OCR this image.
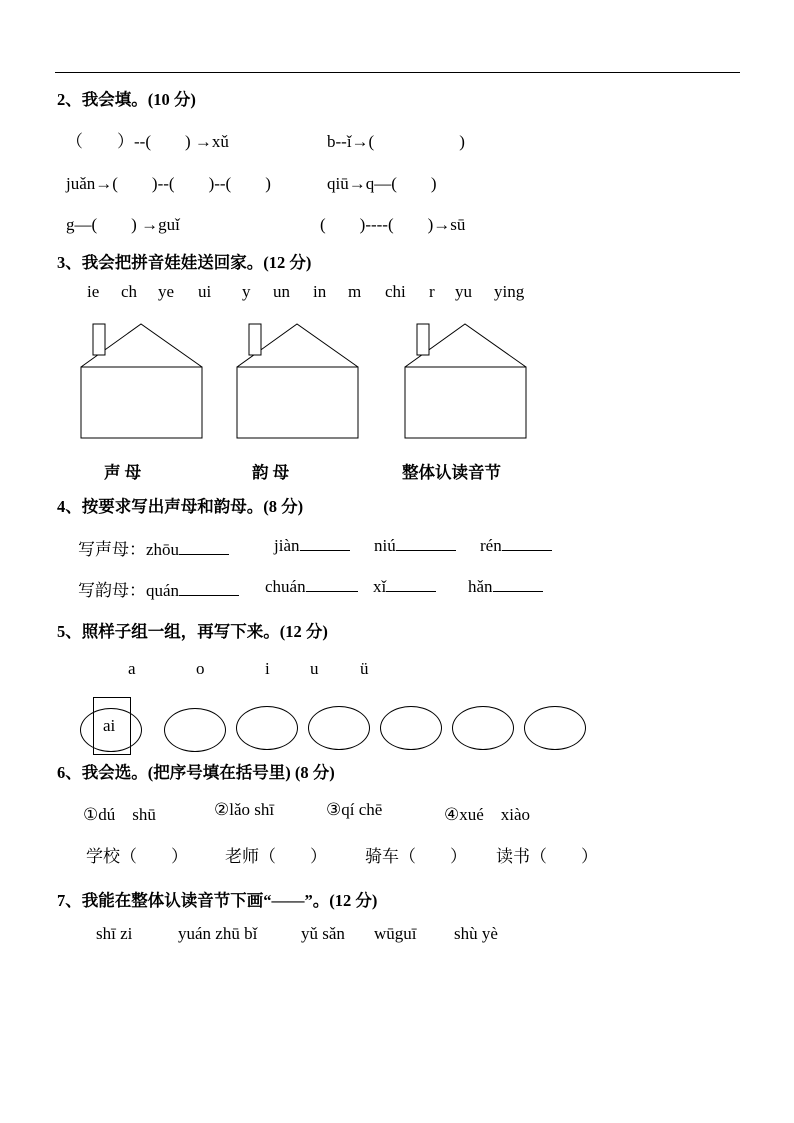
2、我会填。(10 分)
（　　）--(　　) →xǔ	b--ǐ→(　　　　　)
juǎn→(　　)--(　　)--(　　)	qiū→q—(　　)
g—(　　) →guǐ	(　　)----(　　)→sū
3、我会把拼音娃娃送回家。(12 分)
ie ch ye ui y un in m chi r yu ying
声 母	韵 母	整体认读音节
4、按要求写出声母和韵母。(8 分)
写声母：zhōu	jiàn	niú	rén
写韵母：quán	chuán	xǐ	hǎn
5、照样子组一组，再写下来。(12 分)
a	o	i u ü
ai
6、我会选。(把序号填在括号里) (8 分)
①dú　shū	②lǎo shī	③qí chē	④xué　xiào
学校（　　） 老师（　　） 骑车（　　） 读书（　　）
7、我能在整体认读音节下画“——”。(12 分)
shī zi	yuán zhū bǐ	yǔ sǎn wūguī shù yè
